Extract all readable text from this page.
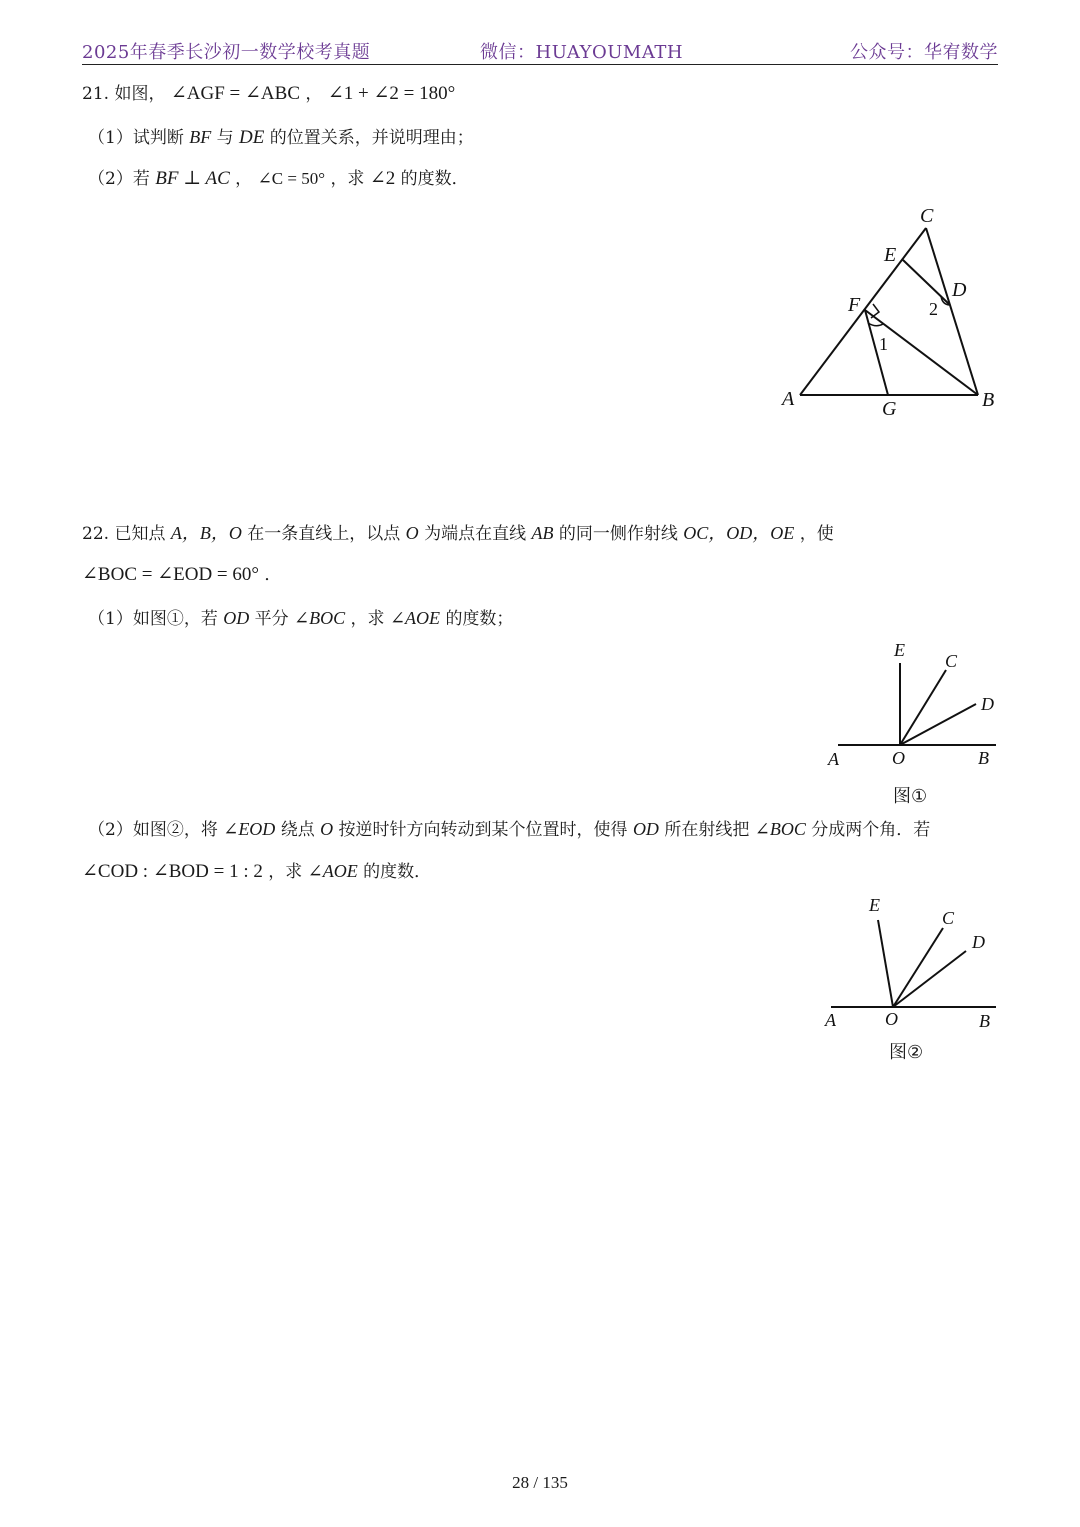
2025年春季长沙初一数学校考真题	微信：HUAYOUMATH	公众号：华宥数学
21. 如图， ∠AGF = ∠ABC ， ∠1 + ∠2 = 180°
（1）试判断 BF 与 DE 的位置关系，并说明理由；
（2）若 BF ⊥ AC ， ∠C = 50° ，求 ∠2 的度数．
C
E
D
F
A	G	B
1
2
22. 已知点 A，B，O 在一条直线上，以点 O 为端点在直线 AB 的同一侧作射线 OC，OD，OE ，使
∠BOC = ∠EOD = 60° ．
（1）如图①，若 OD 平分 ∠BOC ，求 ∠AOE 的度数；
E
C
D
A	O	B
图①
（2）如图②，将 ∠EOD 绕点 O 按逆时针方向转动到某个位置时，使得 OD 所在射线把 ∠BOC 分成两个角．若
∠COD : ∠BOD = 1 : 2 ，求 ∠AOE 的度数．
E
C
D
A	O	B
图②
28 / 135
